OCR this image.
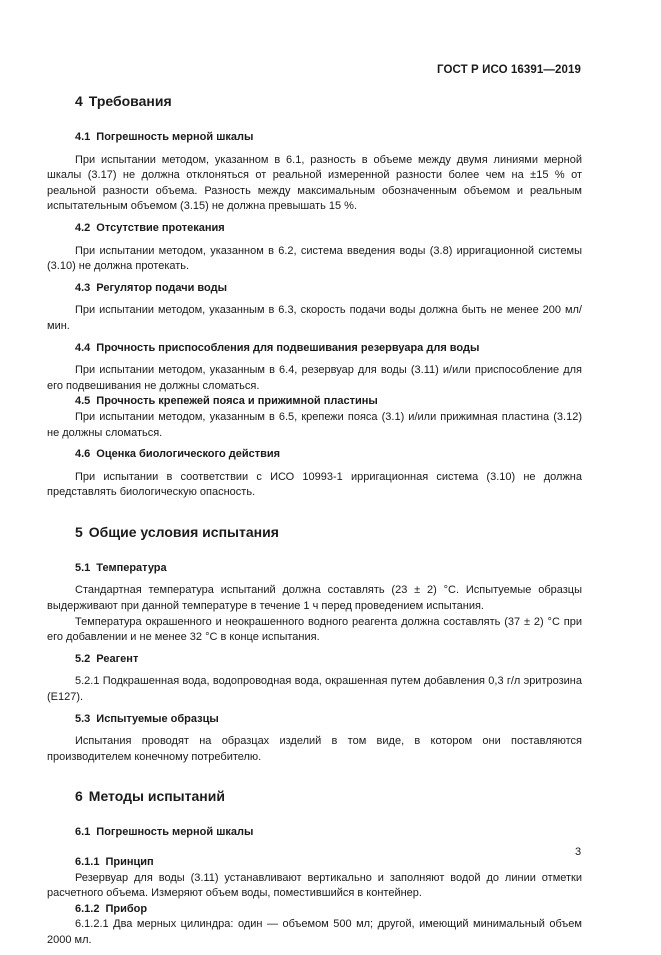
ГОСТ Р ИСО 16391—2019
4 Требования
4.1 Погрешность мерной шкалы

При испытании методом, указанном в 6.1, разность в объеме между двумя линиями мерной шкалы (3.17) не должна отклоняться от реальной измеренной разности более чем на ±15 % от реальной разности объема. Разность между максимальным обозначенным объемом и реальным испытательным объемом (3.15) не должна превышать 15 %.

4.2 Отсутствие протекания

При испытании методом, указанном в 6.2, система введения воды (3.8) ирригационной системы (3.10) не должна протекать.

4.3 Регулятор подачи воды

При испытании методом, указанным в 6.3, скорость подачи воды должна быть не менее 200 мл/мин.

4.4 Прочность приспособления для подвешивания резервуара для воды

При испытании методом, указанным в 6.4, резервуар для воды (3.11) и/или приспособление для его подвешивания не должны сломаться.

4.5 Прочность крепежей пояса и прижимной пластины

При испытании методом, указанным в 6.5, крепежи пояса (3.1) и/или прижимная пластина (3.12) не должны сломаться.

4.6 Оценка биологического действия

При испытании в соответствии с ИСО 10993-1 ирригационная система (3.10) не должна представлять биологическую опасность.

5 Общие условия испытания
5.1 Температура

Стандартная температура испытаний должна составлять (23 ± 2) °С. Испытуемые образцы выдерживают при данной температуре в течение 1 ч перед проведением испытания.

Температура окрашенного и неокрашенного водного реагента должна составлять (37 ± 2) °С при его добавлении и не менее 32 °С в конце испытания.

5.2 Реагент

5.2.1 Подкрашенная вода, водопроводная вода, окрашенная путем добавления 0,3 г/л эритрозина (Е127).

5.3 Испытуемые образцы

Испытания проводят на образцах изделий в том виде, в котором они поставляются производителем конечному потребителю.

6 Методы испытаний
6.1 Погрешность мерной шкалы
6.1.1 Принцип

Резервуар для воды (3.11) устанавливают вертикально и заполняют водой до линии отметки расчетного объема. Измеряют объем воды, поместившийся в контейнер.

6.1.2 Прибор

6.1.2.1 Два мерных цилиндра: один — объемом 500 мл; другой, имеющий минимальный объем 2000 мл.

3
